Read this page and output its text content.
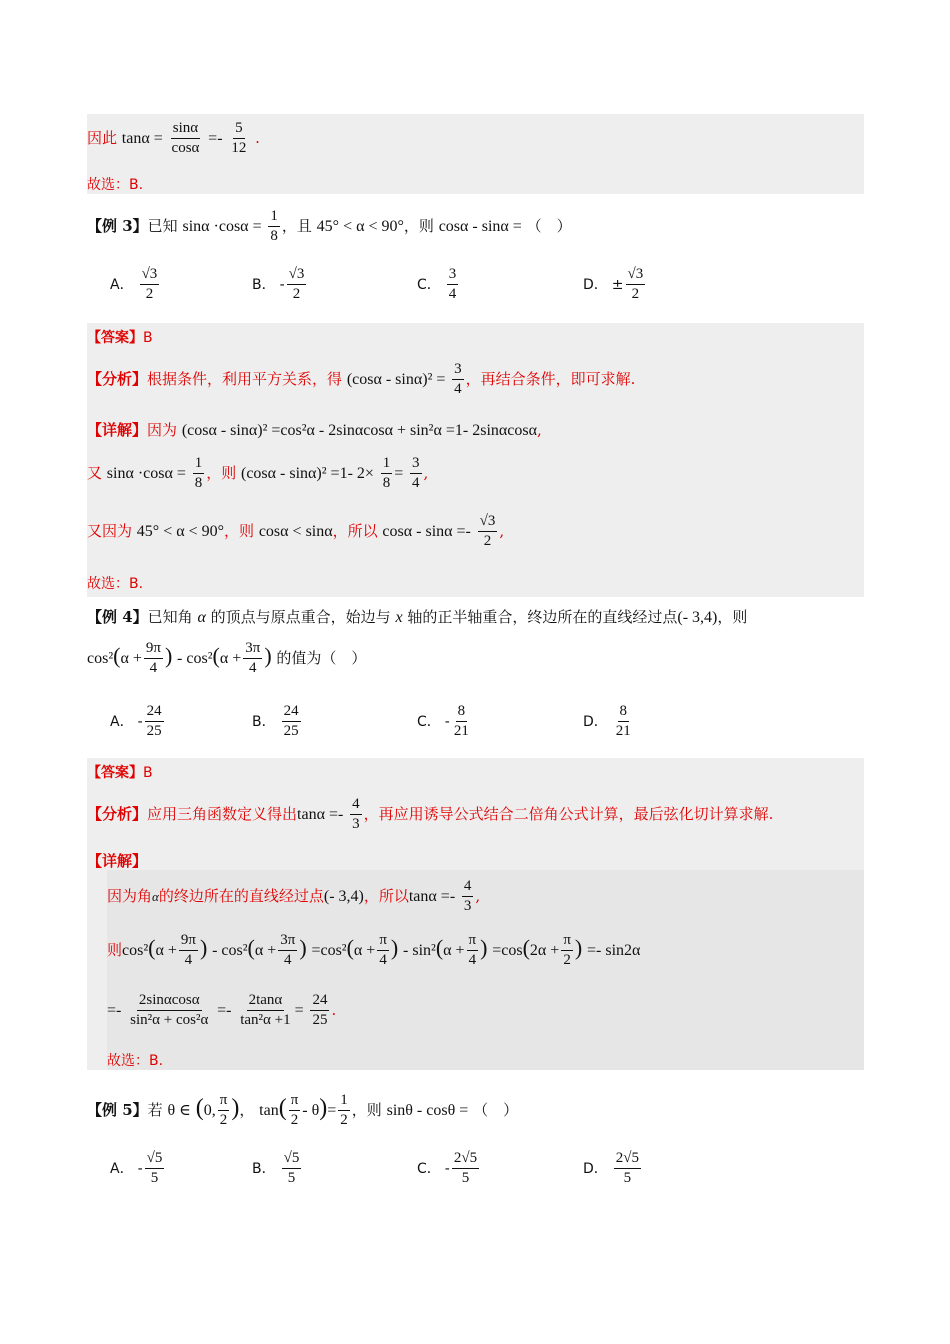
因此 $\tan\alpha = \frac{\sin\alpha}{\cos\alpha} =- \frac{5}{12}$ .
故选：B.
【例 3】已知 $\sin\alpha \cdot\cos\alpha = \frac{1}{8}$ ，且 45° < α < 90°，则 cosα - sinα = （　）
A． $\frac{√3}{2}$	B． - $\frac{√3}{2}$	C． $\frac{3}{4}$	D． ± $\frac{√3}{2}$
【答案】B
【分析】根据条件，利用平方关系，得 $(\cos\alpha - \sin\alpha)^2 = \frac{3}{4}$ ，再结合条件，即可求解.
【详解】因为 (cosα - sinα)² =cos²α - 2sinαcosα + sin²α =1- 2sinαcosα,
又 $\sin\alpha \cdot\cos\alpha = \frac{1}{8}$ ，则 (cosα - sinα)² =1- $2\times \frac{1}{8} = \frac{3}{4}$ ,
又因为 45° < α < 90°，则 cosα < sinα，所以 $\cos\alpha - \sin\alpha =- \frac{√3}{2}$ ,
故选：B.
【例 4】已知角 α 的顶点与原点重合，始边与 x 轴的正半轴重合，终边所在的直线经过点(- 3,4)，则
$\cos^2(\alpha + \frac{9\pi}{4}$ ) - $\cos^2(\alpha + \frac{3\pi}{4}$ ) 的值为（　）
A． - $\frac{24}{25}$	B． $\frac{24}{25}$	C． - $\frac{8}{21}$	D． $\frac{8}{21}$
【答案】B
【分析】应用三角函数定义得出$\tan\alpha =- \frac{4}{3}$ ，再应用诱导公式结合二倍角公式计算，最后弦化切计算求解.
【详解】
因为角α的终边所在的直线经过点(- 3,4)，所以$\tan\alpha =- \frac{4}{3}$ ,
则$\cos^2(\alpha + \frac{9\pi}{4}$ ) - $\cos^2(\alpha + \frac{3\pi}{4}$ ) $=\cos^2(\alpha + \frac{\pi}{4}$ ) - $\sin^2(\alpha + \frac{\pi}{4}$ ) $=\cos(2\alpha + \frac{\pi}{2}$ ) =- sin2α
=- $\frac{2\sin\alpha\cos\alpha}{\text{sin²α + cos²α}} =- \frac{2\tan\alpha}{\text{tan²α +1}} = \frac{24}{25}$ .
故选：B.
【例 5】若 θ ∈ (0, $\frac{\pi}{2}$ )， $\tan( \frac{\pi}{2} - \theta)= \frac{1}{2}$ ，则 sinθ - cosθ = （　）
A． - $\frac{√5}{5}$	B． $\frac{√5}{5}$	C． - $\frac{2√5}{5}$	D． $\frac{2√5}{5}$
